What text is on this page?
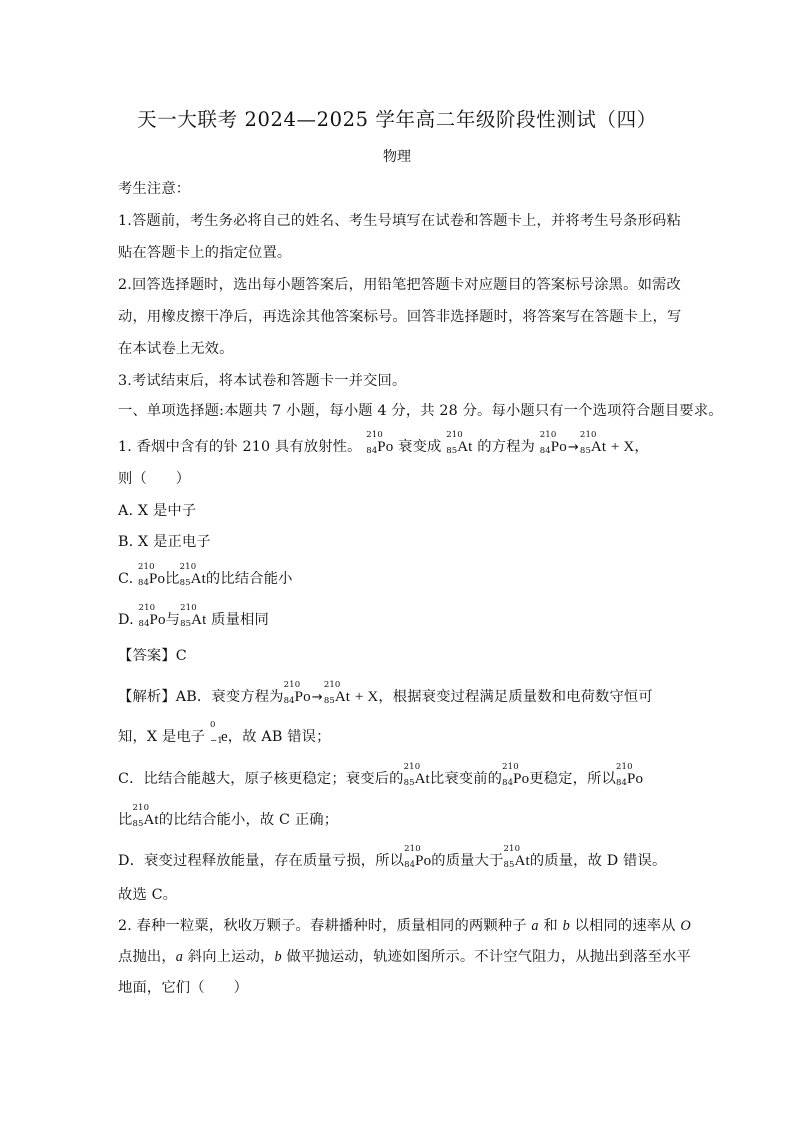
天一大联考 2024—2025 学年高二年级阶段性测试（四）
物理
考生注意：
1.答题前，考生务必将自己的姓名、考生号填写在试卷和答题卡上，并将考生号条形码粘
贴在答题卡上的指定位置。
2.回答选择题时，选出每小题答案后，用铅笔把答题卡对应题目的答案标号涂黑。如需改
动，用橡皮擦干净后，再选涂其他答案标号。回答非选择题时，将答案写在答题卡上，写
在本试卷上无效。
3.考试结束后，将本试卷和答题卡一并交回。
一、单项选择题:本题共 7 小题，每小题 4 分，共 28 分。每小题只有一个选项符合题目要求。
1. 香烟中含有的钋 210 具有放射性。
210
84 Po 衰变成
210
85 At 的方程为
210
84 Po→
210
85 At + X，
则（　　）
A. X 是中子
B. X 是正电子
C.
210
84 Po比
210
85 At的比结合能小
D.
210
84 Po与
210
85 At 质量相同
【答案】C
【解析】AB．衰变方程为
210
84 Po→
210
85 At + X，根据衰变过程满足质量数和电荷数守恒可
知，X 是电子
0
−1
e，故 AB 错误；
C．比结合能越大，原子核更稳定；衰变后的
210
85 At比衰变前的
210
84 Po更稳定，所以
210
84 Po
比
210
85 At的比结合能小，故 C 正确；
D．衰变过程释放能量，存在质量亏损，所以
210
84 Po的质量大于
210
85 At的质量，故 D 错误。
故选 C。
2. 春种一粒粟，秋收万颗子。春耕播种时，质量相同的两颗种子 a 和 b 以相同的速率从 O
点抛出，a 斜向上运动，b 做平抛运动，轨迹如图所示。不计空气阻力，从抛出到落至水平
地面，它们（　　）
